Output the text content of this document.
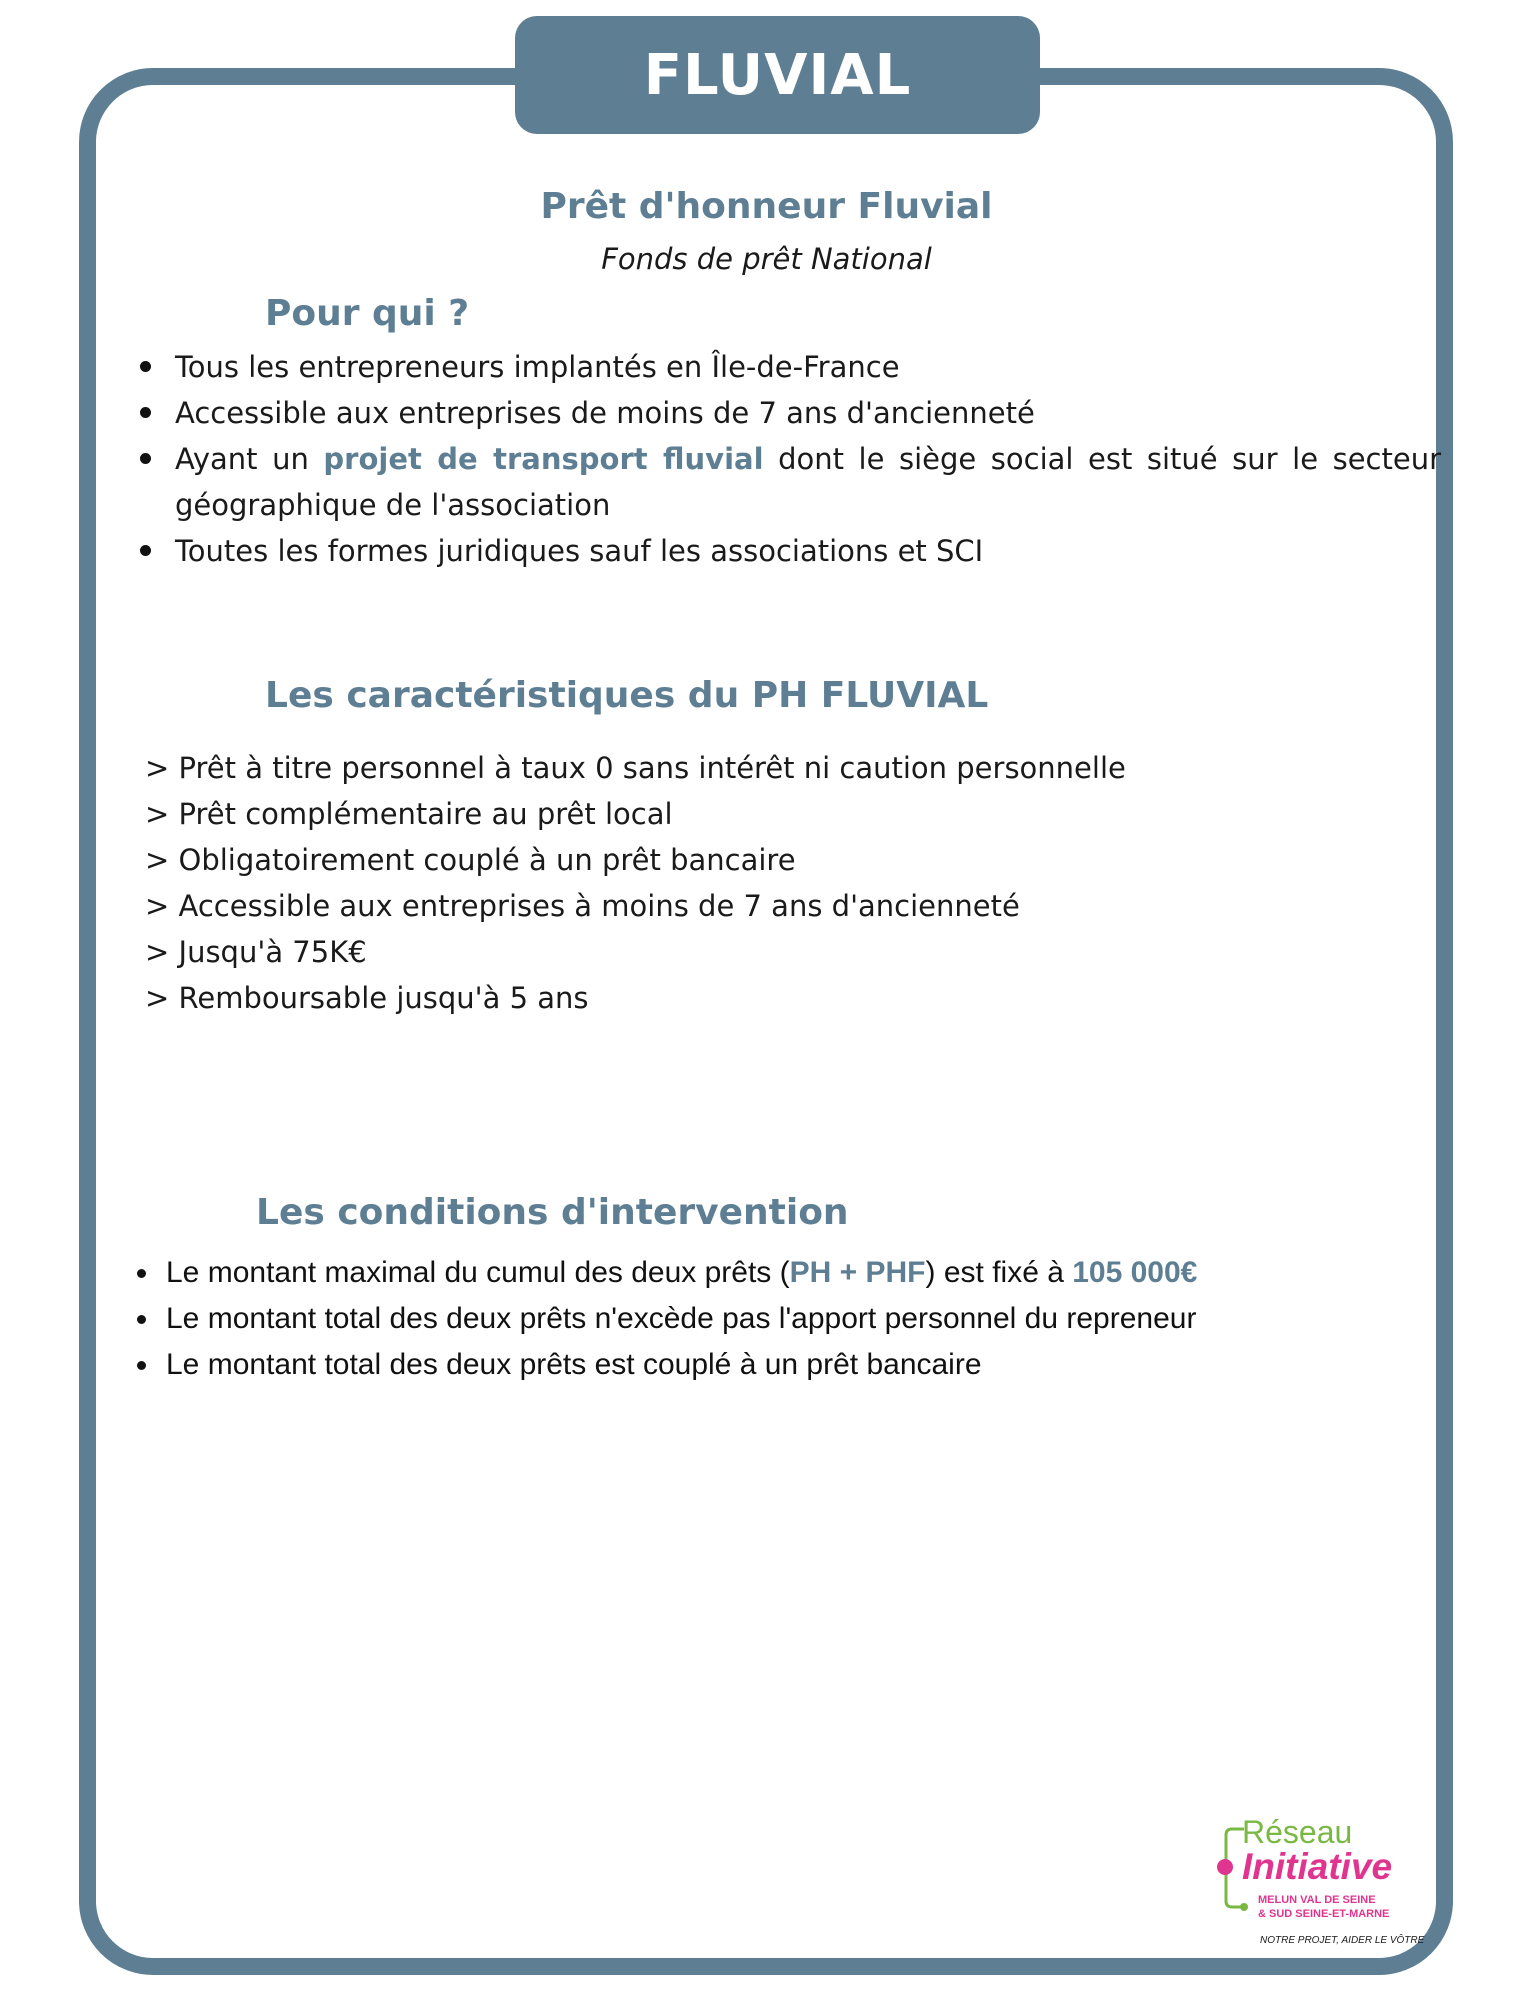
FLUVIAL
Prêt d'honneur Fluvial
Fonds de prêt National
Pour qui ?
Tous les entrepreneurs implantés en Île-de-France
Accessible aux entreprises de moins de 7 ans d'ancienneté
Ayant un projet de transport fluvial dont le siège social est situé sur le secteur géographique de l'association
Toutes les formes juridiques sauf les associations et SCI
Les caractéristiques du PH FLUVIAL
> Prêt à titre personnel à taux 0 sans intérêt ni caution personnelle
> Prêt complémentaire au prêt local
> Obligatoirement couplé à un prêt bancaire
> Accessible aux entreprises à moins de 7 ans d'ancienneté
> Jusqu'à 75K€
> Remboursable jusqu'à 5 ans
Les conditions d'intervention
Le montant maximal du cumul des deux prêts (PH + PHF) est fixé à 105 000€
Le montant total des deux prêts n'excède pas l'apport personnel du repreneur
Le montant total des deux prêts est couplé à un prêt bancaire
Réseau
Initiative
MELUN VAL DE SEINE
& SUD SEINE-ET-MARNE
NOTRE PROJET, AIDER LE VÔTRE
